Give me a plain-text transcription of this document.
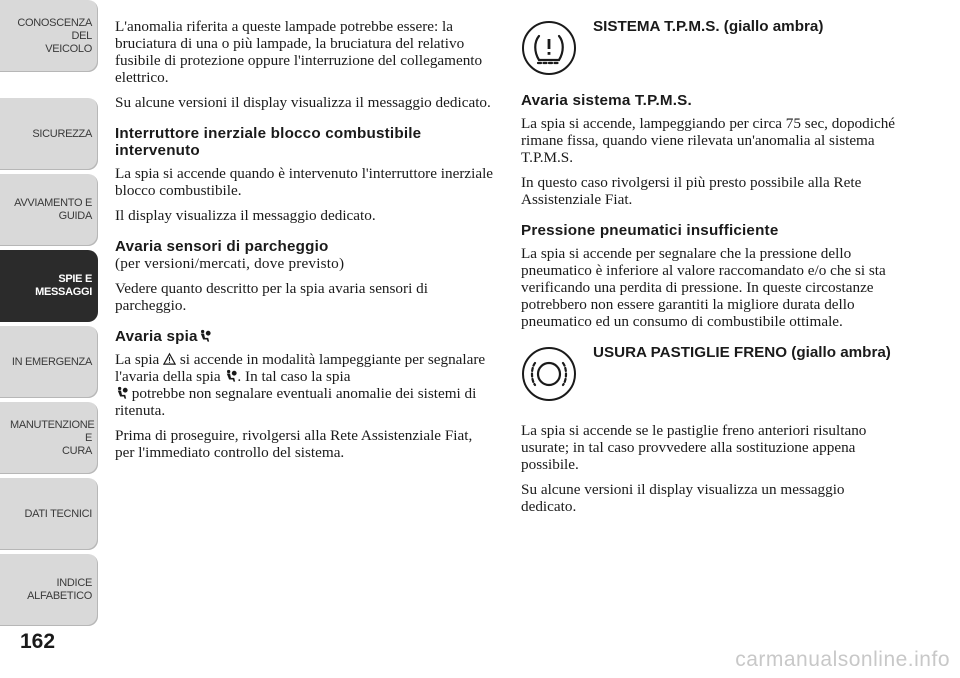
CONOSCENZA DEL
VEICOLO
SICUREZZA
AVVIAMENTO E
GUIDA
SPIE E MESSAGGI
IN EMERGENZA
MANUTENZIONE E
CURA
DATI TECNICI
INDICE ALFABETICO
162

L'anomalia riferita a queste lampade potrebbe essere: la bruciatura di una o più lampade, la bruciatura del relativo fusibile di protezione oppure l'interruzione del collegamento elettrico.

Su alcune versioni il display visualizza il messaggio dedicato.

Interruttore inerziale blocco combustibile intervenuto

La spia si accende quando è intervenuto l'interruttore inerziale blocco combustibile.

Il display visualizza il messaggio dedicato.

Avaria sensori di parcheggio
(per versioni/mercati, dove previsto)

Vedere quanto descritto per la spia avaria sensori di parcheggio.

Avaria spia

La spia si accende in modalità lampeggiante per segnalare l'avaria della spia . In tal caso la spia
potrebbe non segnalare eventuali anomalie dei sistemi di ritenuta.

Prima di proseguire, rivolgersi alla Rete Assistenziale Fiat, per l'immediato controllo del sistema.

SISTEMA T.P.M.S. (giallo ambra)
Avaria sistema T.P.M.S.

La spia si accende, lampeggiando per circa 75 sec, dopodiché rimane fissa, quando viene rilevata un'anomalia al sistema T.P.M.S.

In questo caso rivolgersi il più presto possibile alla Rete Assistenziale Fiat.

Pressione pneumatici insufficiente

La spia si accende per segnalare che la pressione dello pneumatico è inferiore al valore raccomandato e/o che si sta verificando una perdita di pressione. In queste circostanze potrebbero non essere garantiti la migliore durata dello pneumatico ed un consumo di combustibile ottimale.

USURA PASTIGLIE FRENO (giallo ambra)

La spia si accende se le pastiglie freno anteriori risultano usurate; in tal caso provvedere alla sostituzione appena possibile.

Su alcune versioni il display visualizza un messaggio dedicato.

carmanualsonline.info
